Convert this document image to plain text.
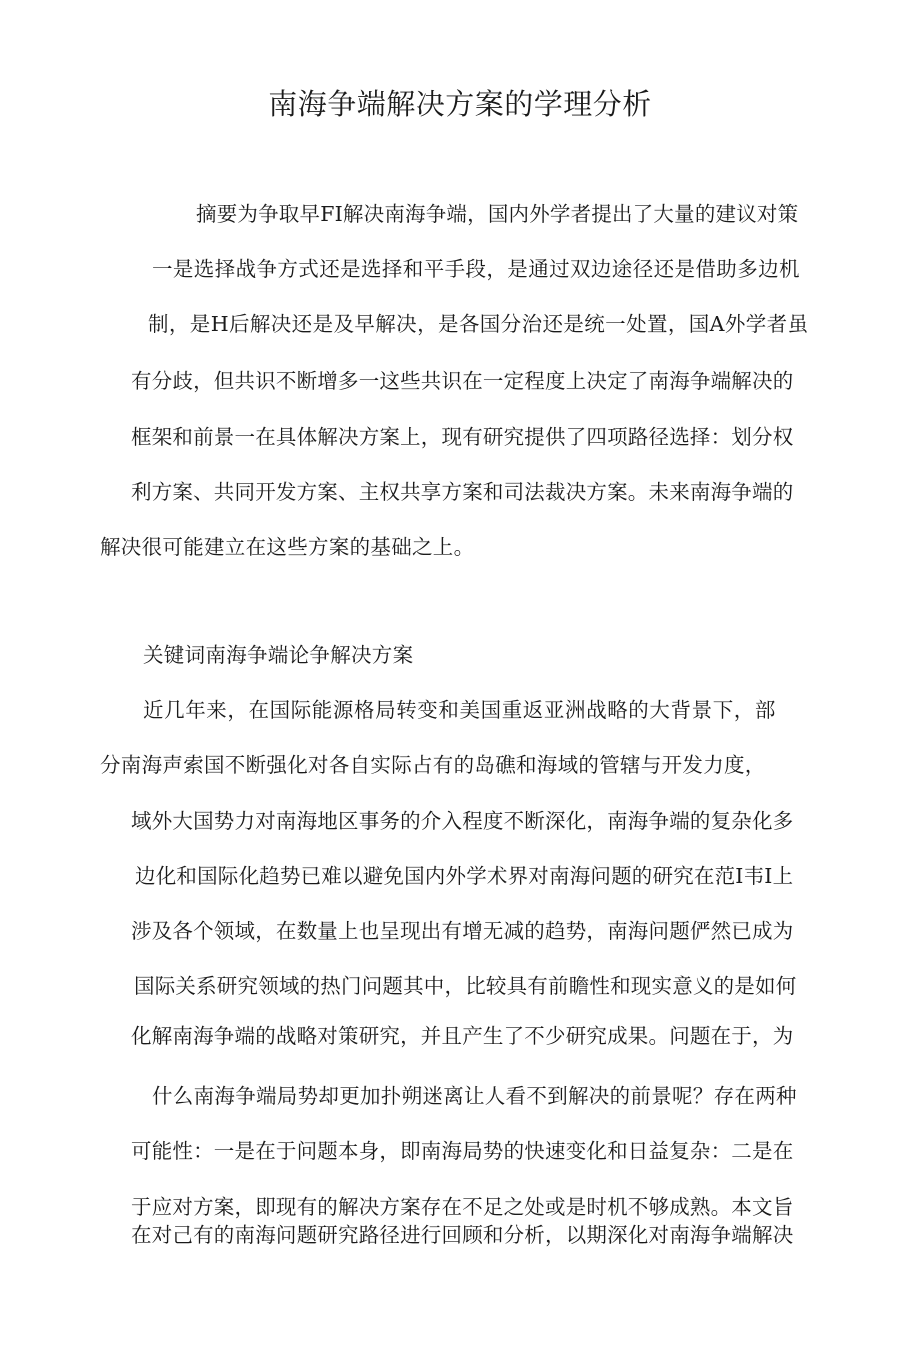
南海争端解决方案的学理分析
摘要为争取早FI解决南海争端，国内外学者提出了大量的建议对策
一是选择战争方式还是选择和平手段，是通过双边途径还是借助多边机
制，是H后解决还是及早解决，是各国分治还是统一处置，国A外学者虽
有分歧，但共识不断增多一这些共识在一定程度上决定了南海争端解决的
框架和前景一在具体解决方案上，现有研究提供了四项路径选择：划分权
利方案、共同开发方案、主权共享方案和司法裁决方案。未来南海争端的
解决很可能建立在这些方案的基础之上。
关键词南海争端论争解决方案
近几年来，在国际能源格局转变和美国重返亚洲战略的大背景下，部
分南海声索国不断强化对各自实际占有的岛礁和海域的管辖与开发力度，
域外大国势力对南海地区事务的介入程度不断深化，南海争端的复杂化多
边化和国际化趋势已难以避免国内外学术界对南海问题的研究在范I韦I上
涉及各个领域，在数量上也呈现出有增无减的趋势，南海问题俨然已成为
国际关系研究领域的热门问题其中，比较具有前瞻性和现实意义的是如何
化解南海争端的战略对策研究，并且产生了不少研究成果。问题在于，为
什么南海争端局势却更加扑朔迷离让人看不到解决的前景呢？存在两种
可能性：一是在于问题本身，即南海局势的快速变化和日益复杂：二是在
于应对方案，即现有的解决方案存在不足之处或是时机不够成熟。本文旨
在对己有的南海问题研究路径进行回顾和分析，以期深化对南海争端解决
